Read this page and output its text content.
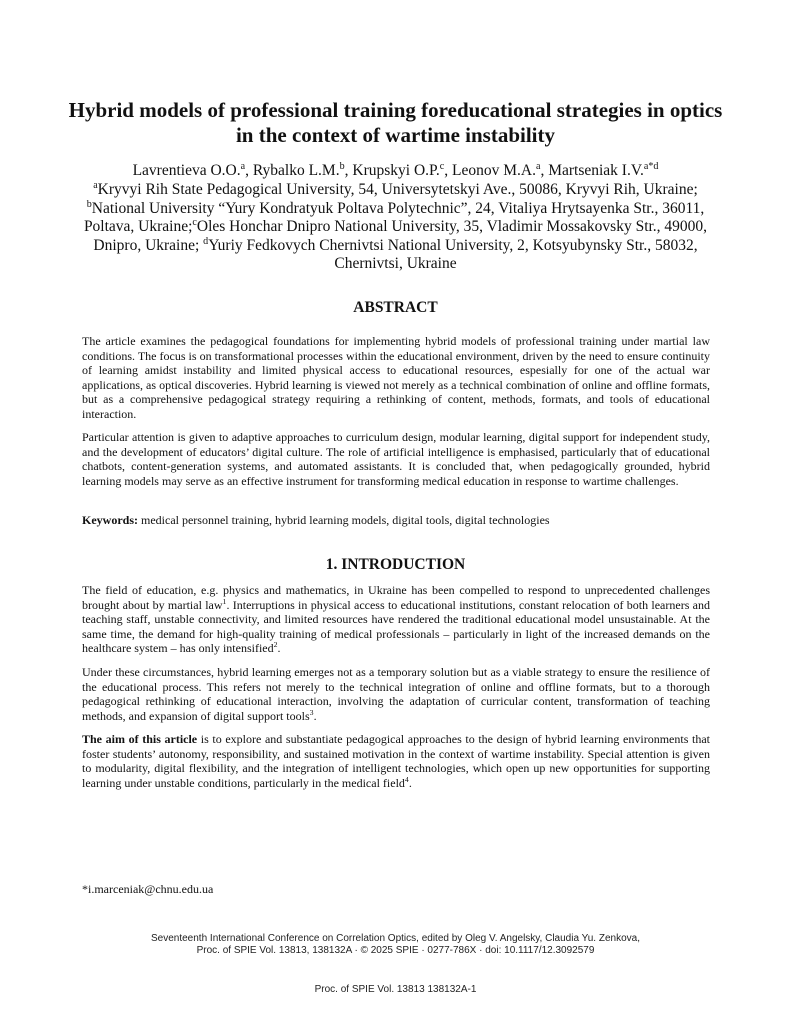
Hybrid models of professional training foreducational strategies in optics in the context of wartime instability

Lavrentieva O.O.$^a$, Rybalko L.M.$^b$, Krupskyi O.P.$^c$, Leonov M.A.$^a$, Martseniak I.V.$^{a*d}$

$^a$Kryvyi Rih State Pedagogical University, 54, Universytetskyi Ave., 50086, Kryvyi Rih, Ukraine; $^b$National University “Yury Kondratyuk Poltava Polytechnic”, 24, Vitaliya Hrytsayenka Str., 36011, Poltava, Ukraine;$^c$Oles Honchar Dnipro National University, 35, Vladimir Mossakovsky Str., 49000, Dnipro, Ukraine; $^d$Yuriy Fedkovych Chernivtsi National University, 2, Kotsyubynsky Str., 58032, Chernivtsi, Ukraine

ABSTRACT

The article examines the pedagogical foundations for implementing hybrid models of professional training under martial law conditions. The focus is on transformational processes within the educational environment, driven by the need to ensure continuity of learning amidst instability and limited physical access to educational resources, espesially for one of the actual war applications, as optical discoveries. Hybrid learning is viewed not merely as a technical combination of online and offline formats, but as a comprehensive pedagogical strategy requiring a rethinking of content, methods, formats, and tools of educational interaction.

Particular attention is given to adaptive approaches to curriculum design, modular learning, digital support for independent study, and the development of educators’ digital culture. The role of artificial intelligence is emphasised, particularly that of educational chatbots, content-generation systems, and automated assistants. It is concluded that, when pedagogically grounded, hybrid learning models may serve as an effective instrument for transforming medical education in response to wartime challenges.

Keywords: medical personnel training, hybrid learning models, digital tools, digital technologies

1. INTRODUCTION

The field of education, e.g. physics and mathematics, in Ukraine has been compelled to respond to unprecedented challenges brought about by martial law$^1$. Interruptions in physical access to educational institutions, constant relocation of both learners and teaching staff, unstable connectivity, and limited resources have rendered the traditional educational model unsustainable. At the same time, the demand for high-quality training of medical professionals – particularly in light of the increased demands on the healthcare system – has only intensified$^2$.

Under these circumstances, hybrid learning emerges not as a temporary solution but as a viable strategy to ensure the resilience of the educational process. This refers not merely to the technical integration of online and offline formats, but to a thorough pedagogical rethinking of educational interaction, involving the adaptation of curricular content, transformation of teaching methods, and expansion of digital support tools$^3$.

The aim of this article is to explore and substantiate pedagogical approaches to the design of hybrid learning environments that foster students’ autonomy, responsibility, and sustained motivation in the context of wartime instability. Special attention is given to modularity, digital flexibility, and the integration of intelligent technologies, which open up new opportunities for supporting learning under unstable conditions, particularly in the medical field$^4$.

*i.marceniak@chnu.edu.ua

Seventeenth International Conference on Correlation Optics, edited by Oleg V. Angelsky, Claudia Yu. Zenkova,
Proc. of SPIE Vol. 13813, 138132A · © 2025 SPIE · 0277-786X · doi: 10.1117/12.3092579

Proc. of SPIE Vol. 13813 138132A-1
